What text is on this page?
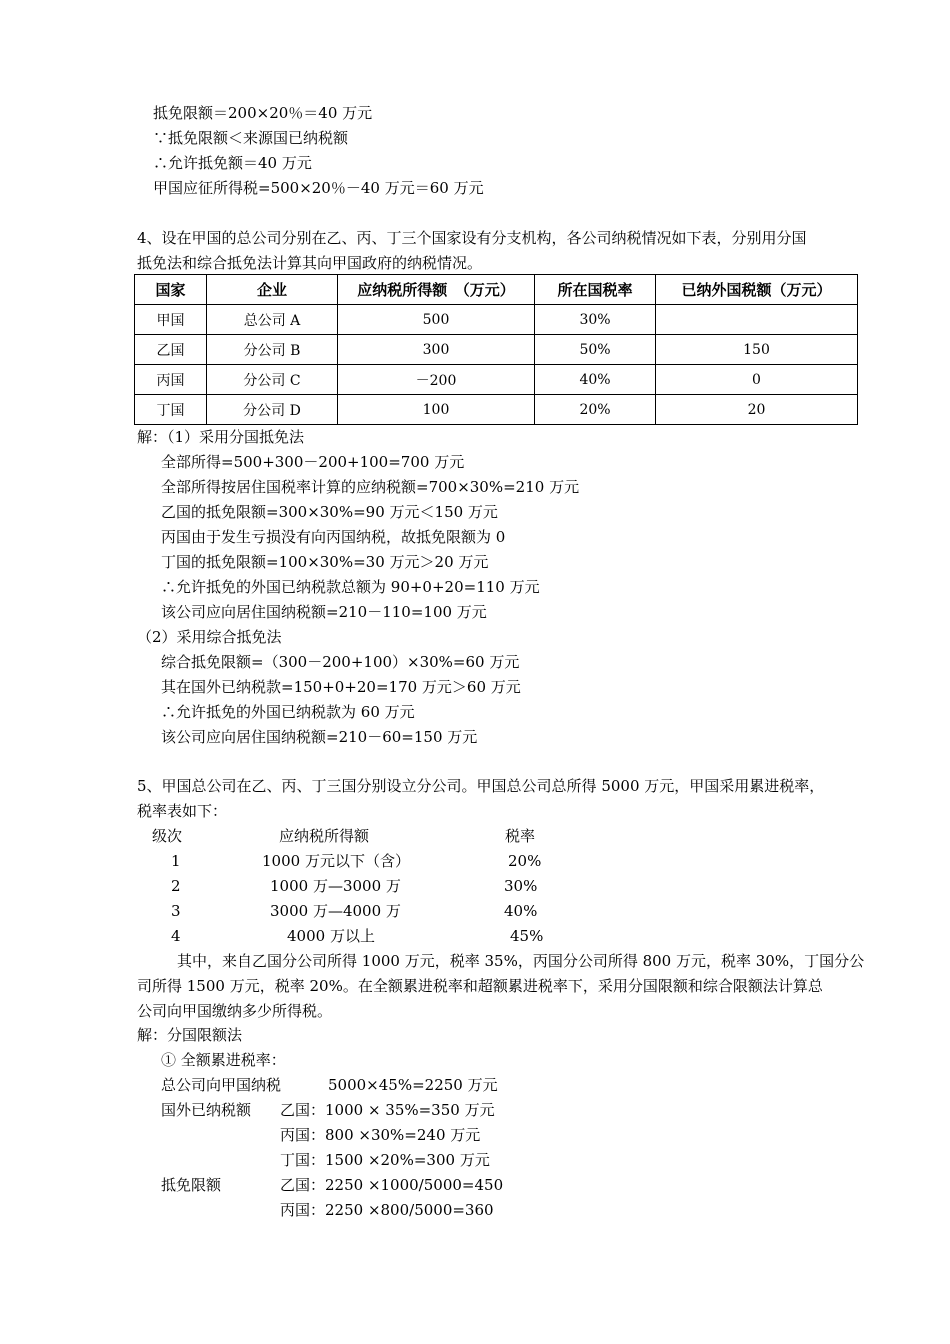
抵免限额＝200×20％＝40 万元
∵抵免限额＜来源国已纳税额
∴允许抵免额＝40 万元
甲国应征所得税=500×20％－40 万元＝60 万元
4、设在甲国的总公司分别在乙、丙、丁三个国家设有分支机构，各公司纳税情况如下表，分别用分国
抵免法和综合抵免法计算其向甲国政府的纳税情况。
国家	企业	应纳税所得额　（万元）	所在国税率	已纳外国税额（万元）
甲国	总公司 A	500	30%	
乙国	分公司 B	300	50%	150
丙国	分公司 C	－200	40%	0
丁国	分公司 D	100	20%	20
解：（1）采用分国抵免法
全部所得=500+300－200+100=700 万元
全部所得按居住国税率计算的应纳税额=700×30%=210 万元
乙国的抵免限额=300×30%=90 万元＜150 万元
丙国由于发生亏损没有向丙国纳税，故抵免限额为 0
丁国的抵免限额=100×30%=30 万元＞20 万元
∴允许抵免的外国已纳税款总额为 90+0+20=110 万元
该公司应向居住国纳税额=210－110=100 万元
（2）采用综合抵免法
综合抵免限额=（300－200+100）×30%=60 万元
其在国外已纳税款=150+0+20=170 万元＞60 万元
∴允许抵免的外国已纳税款为 60 万元
该公司应向居住国纳税额=210－60=150 万元
5、甲国总公司在乙、丙、丁三国分别设立分公司。甲国总公司总所得 5000 万元，甲国采用累进税率，
税率表如下：
级次	应纳税所得额	税率
1	1000 万元以下（含）	20%
2	1000 万—3000 万	30%
3	3000 万—4000 万	40%
4	4000 万以上	45%
其中，来自乙国分公司所得 1000 万元，税率 35%，丙国分公司所得 800 万元，税率 30%，丁国分公
司所得 1500 万元，税率 20%。在全额累进税率和超额累进税率下，采用分国限额和综合限额法计算总
公司向甲国缴纳多少所得税。
解：分国限额法
① 全额累进税率：
总公司向甲国纳税	5000×45%=2250 万元
国外已纳税额 乙国：1000 × 35%=350 万元
丙国：800 ×30%=240 万元
丁国：1500 ×20%=300 万元
抵免限额	乙国：2250 ×1000/5000=450
丙国：2250 ×800/5000=360
